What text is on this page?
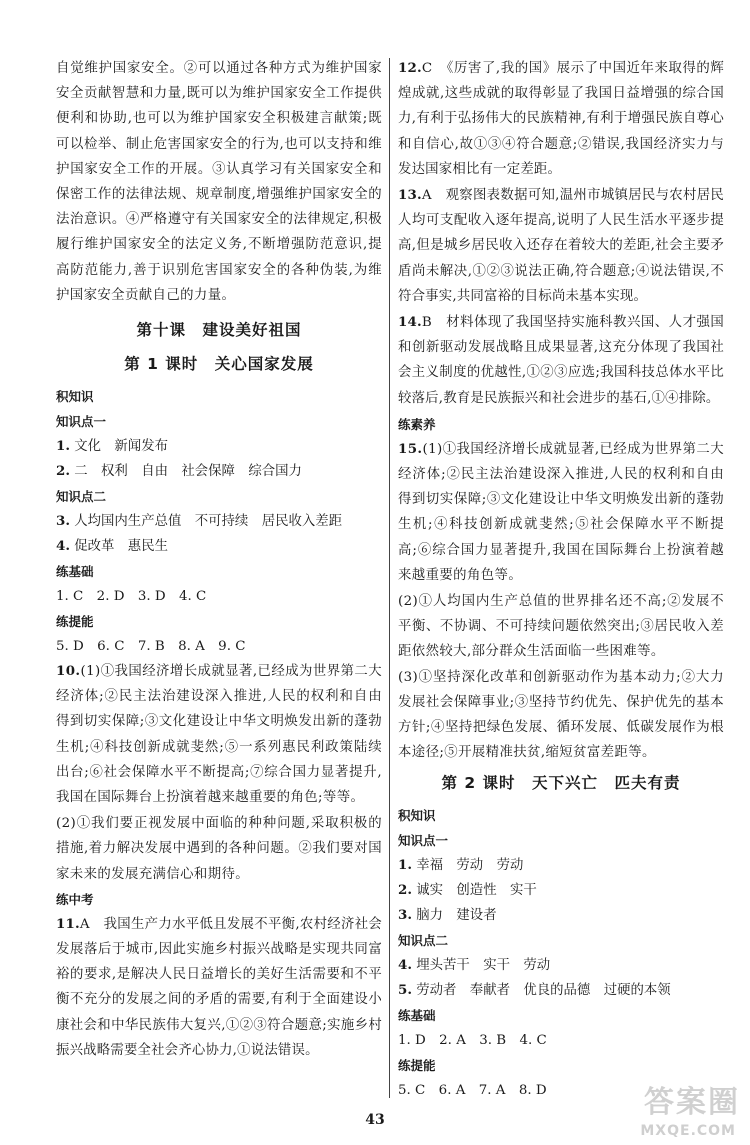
自觉维护国家安全。②可以通过各种方式为维护国家安全贡献智慧和力量,既可以为维护国家安全工作提供便利和协助,也可以为维护国家安全积极建言献策;既可以检举、制止危害国家安全的行为,也可以支持和维护国家安全工作的开展。③认真学习有关国家安全和保密工作的法律法规、规章制度,增强维护国家安全的法治意识。④严格遵守有关国家安全的法律规定,积极履行维护国家安全的法定义务,不断增强防范意识,提高防范能力,善于识别危害国家安全的各种伪装,为维护国家安全贡献自己的力量。

第十课　建设美好祖国
第 1 课时　关心国家发展

积知识

知识点一

1. 文化　新闻发布

2. 二　权利　自由　社会保障　综合国力

知识点二

3. 人均国内生产总值　不可持续　居民收入差距

4. 促改革　惠民生

练基础

1. C　2. D　3. D　4. C

练提能

5. D　6. C　7. B　8. A　9. C

10.(1)①我国经济增长成就显著,已经成为世界第二大经济体;②民主法治建设深入推进,人民的权利和自由得到切实保障;③文化建设让中华文明焕发出新的蓬勃生机;④科技创新成就斐然;⑤一系列惠民利政策陆续出台;⑥社会保障水平不断提高;⑦综合国力显著提升,我国在国际舞台上扮演着越来越重要的角色;等等。

(2)①我们要正视发展中面临的种种问题,采取积极的措施,着力解决发展中遇到的各种问题。②我们要对国家未来的发展充满信心和期待。

练中考

11.A　我国生产力水平低且发展不平衡,农村经济社会发展落后于城市,因此实施乡村振兴战略是实现共同富裕的要求,是解决人民日益增长的美好生活需要和不平衡不充分的发展之间的矛盾的需要,有利于全面建设小康社会和中华民族伟大复兴,①②③符合题意;实施乡村振兴战略需要全社会齐心协力,①说法错误。

12.C　《厉害了,我的国》展示了中国近年来取得的辉煌成就,这些成就的取得彰显了我国日益增强的综合国力,有利于弘扬伟大的民族精神,有利于增强民族自尊心和自信心,故①③④符合题意;②错误,我国经济实力与发达国家相比有一定差距。

13.A　观察图表数据可知,温州市城镇居民与农村居民人均可支配收入逐年提高,说明了人民生活水平逐步提高,但是城乡居民收入还存在着较大的差距,社会主要矛盾尚未解决,①②③说法正确,符合题意;④说法错误,不符合事实,共同富裕的目标尚未基本实现。

14.B　材料体现了我国坚持实施科教兴国、人才强国和创新驱动发展战略且成果显著,这充分体现了我国社会主义制度的优越性,①②③应选;我国科技总体水平比较落后,教育是民族振兴和社会进步的基石,①④排除。

练素养

15.(1)①我国经济增长成就显著,已经成为世界第二大经济体;②民主法治建设深入推进,人民的权利和自由得到切实保障;③文化建设让中华文明焕发出新的蓬勃生机;④科技创新成就斐然;⑤社会保障水平不断提高;⑥综合国力显著提升,我国在国际舞台上扮演着越来越重要的角色等。

(2)①人均国内生产总值的世界排名还不高;②发展不平衡、不协调、不可持续问题依然突出;③居民收入差距依然较大,部分群众生活面临一些困难等。

(3)①坚持深化改革和创新驱动作为基本动力;②大力发展社会保障事业;③坚持节约优先、保护优先的基本方针;④坚持把绿色发展、循环发展、低碳发展作为根本途径;⑤开展精准扶贫,缩短贫富差距等。

第 2 课时　天下兴亡　匹夫有责

积知识

知识点一

1. 幸福　劳动　劳动

2. 诚实　创造性　实干

3. 脑力　建设者

知识点二

4. 埋头苦干　实干　劳动

5. 劳动者　奉献者　优良的品德　过硬的本领

练基础

1. D　2. A　3. B　4. C

练提能

5. C　6. A　7. A　8. D

43	答案圈
MXQE.COM
